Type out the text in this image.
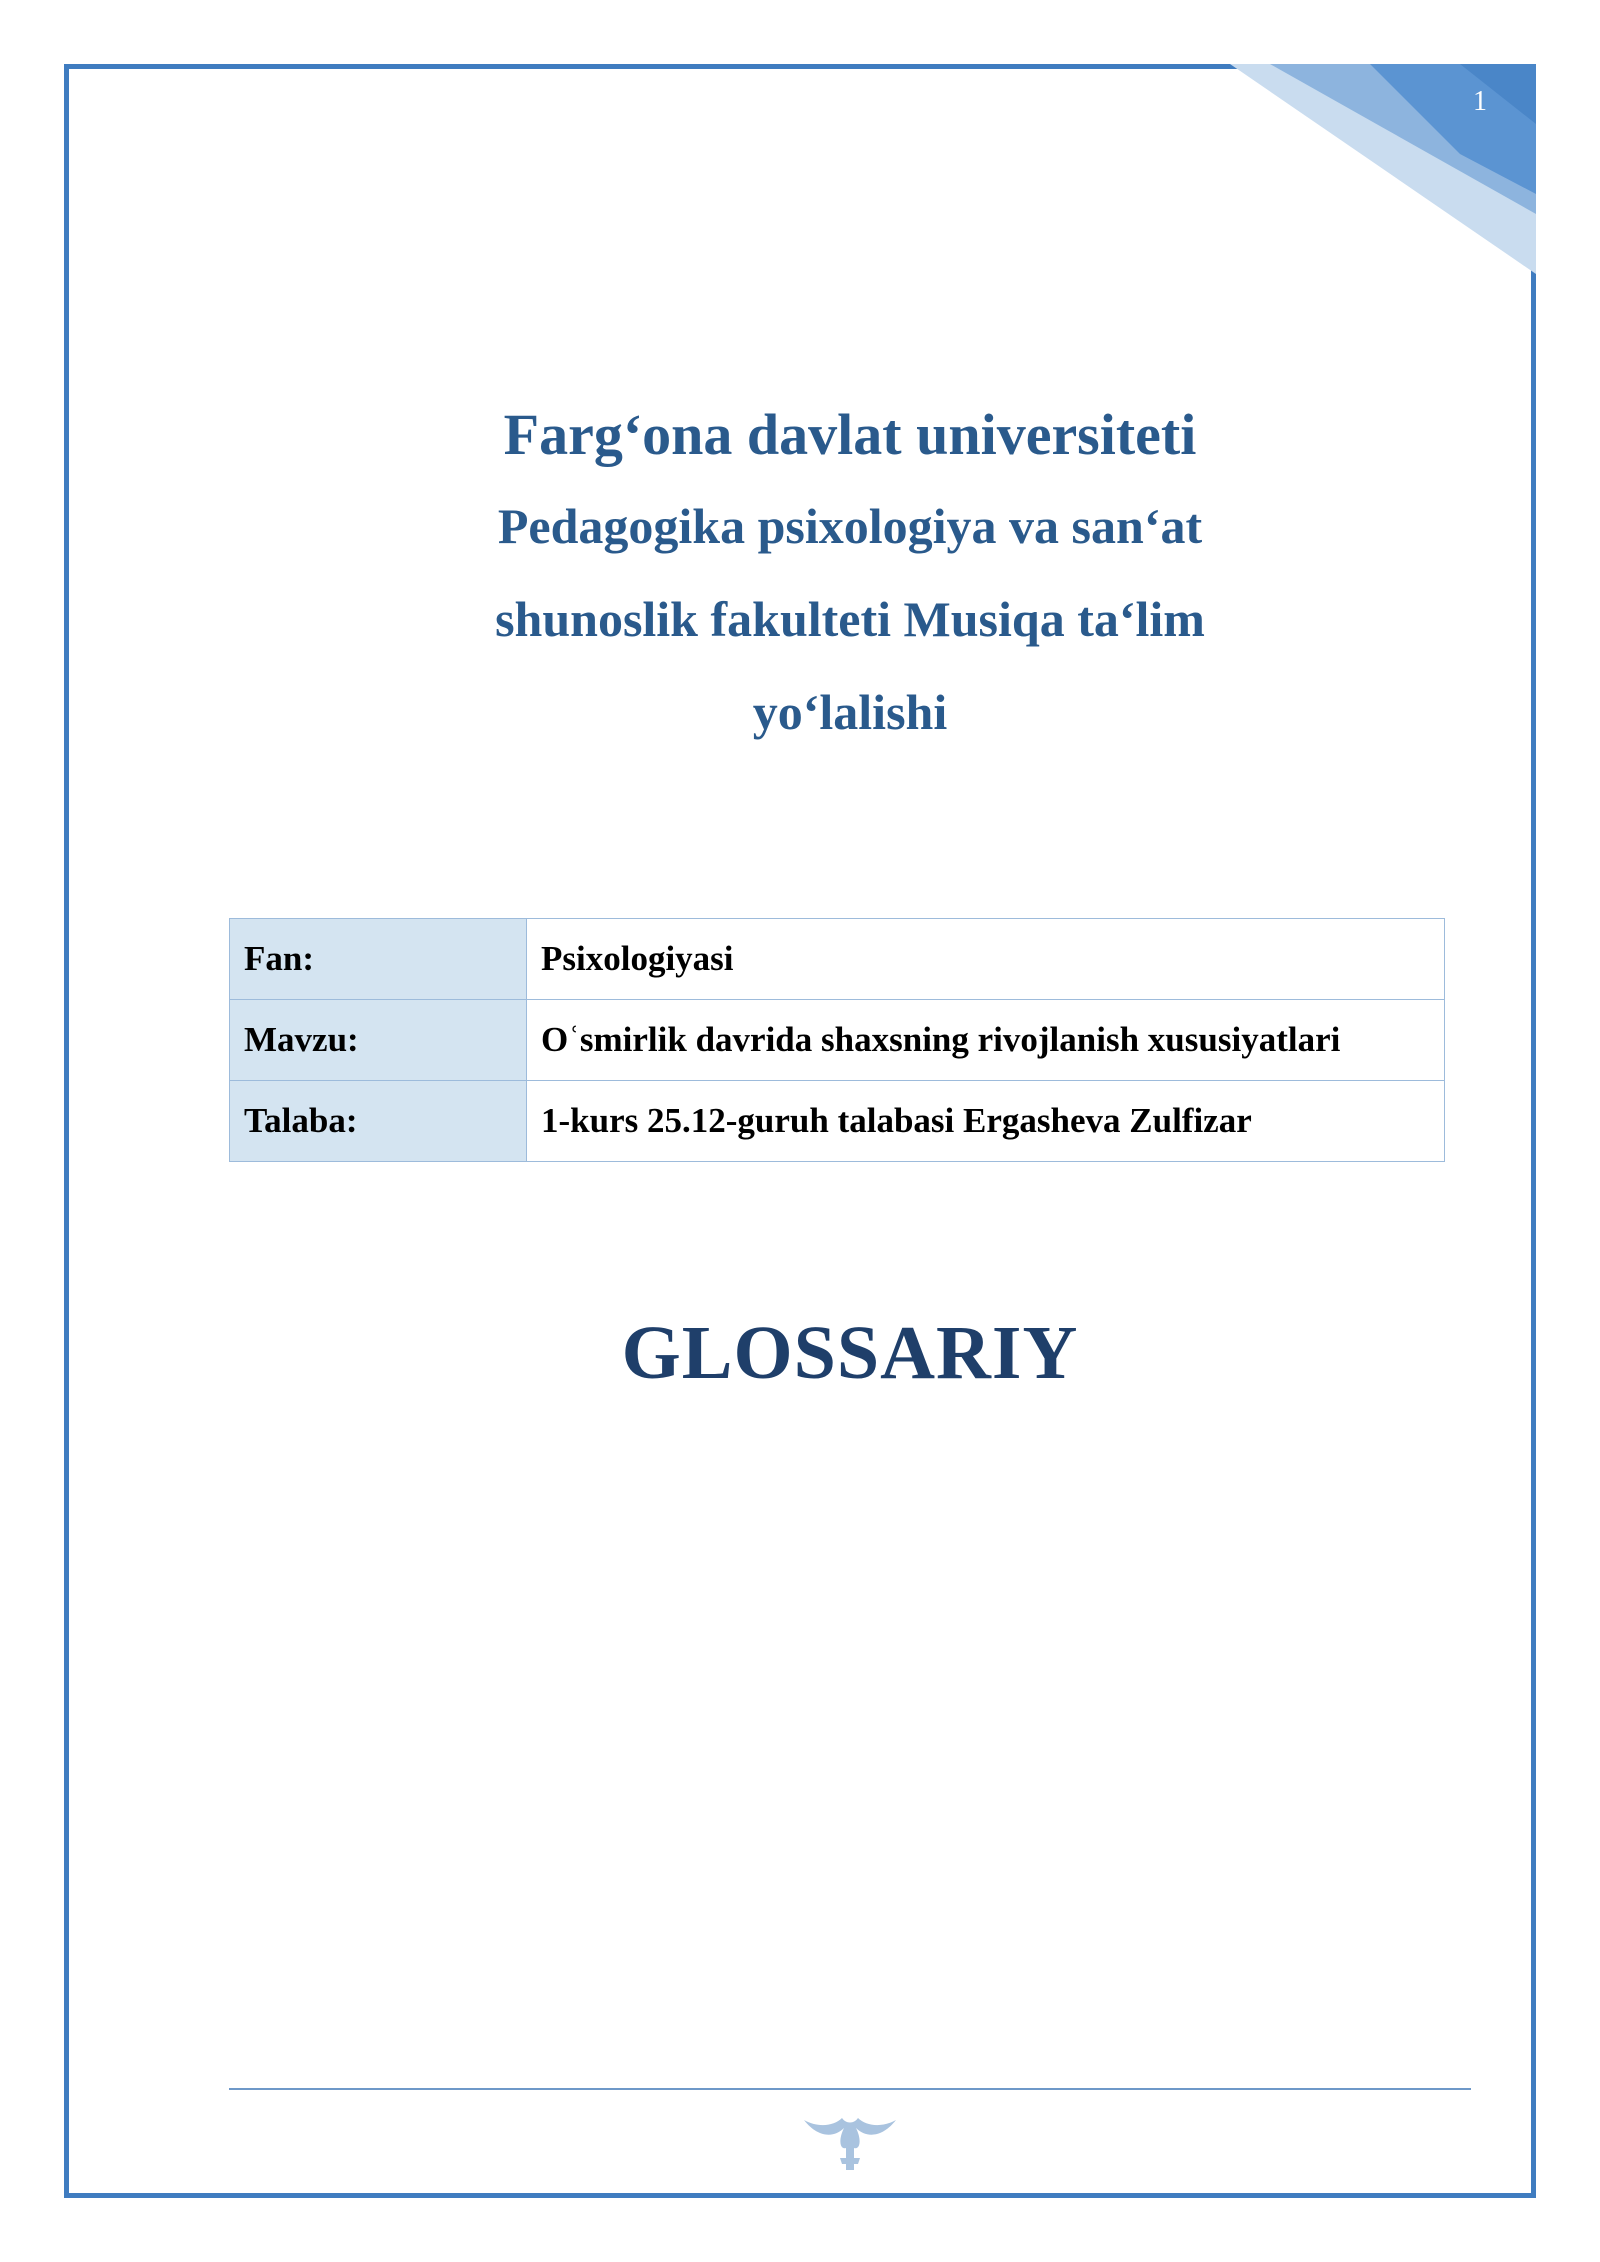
1
Farg‘ona davlat universiteti
Pedagogika psixologiya va san‘at
shunoslik fakulteti Musiqa ta‘lim
yo‘lalishi
Fan:	Psixologiyasi
Mavzu:	Oʿsmirlik davrida shaxsning rivojlanish xususiyatlari
Talaba:	1-kurs 25.12-guruh talabasi Ergasheva Zulfizar
GLOSSARIY
